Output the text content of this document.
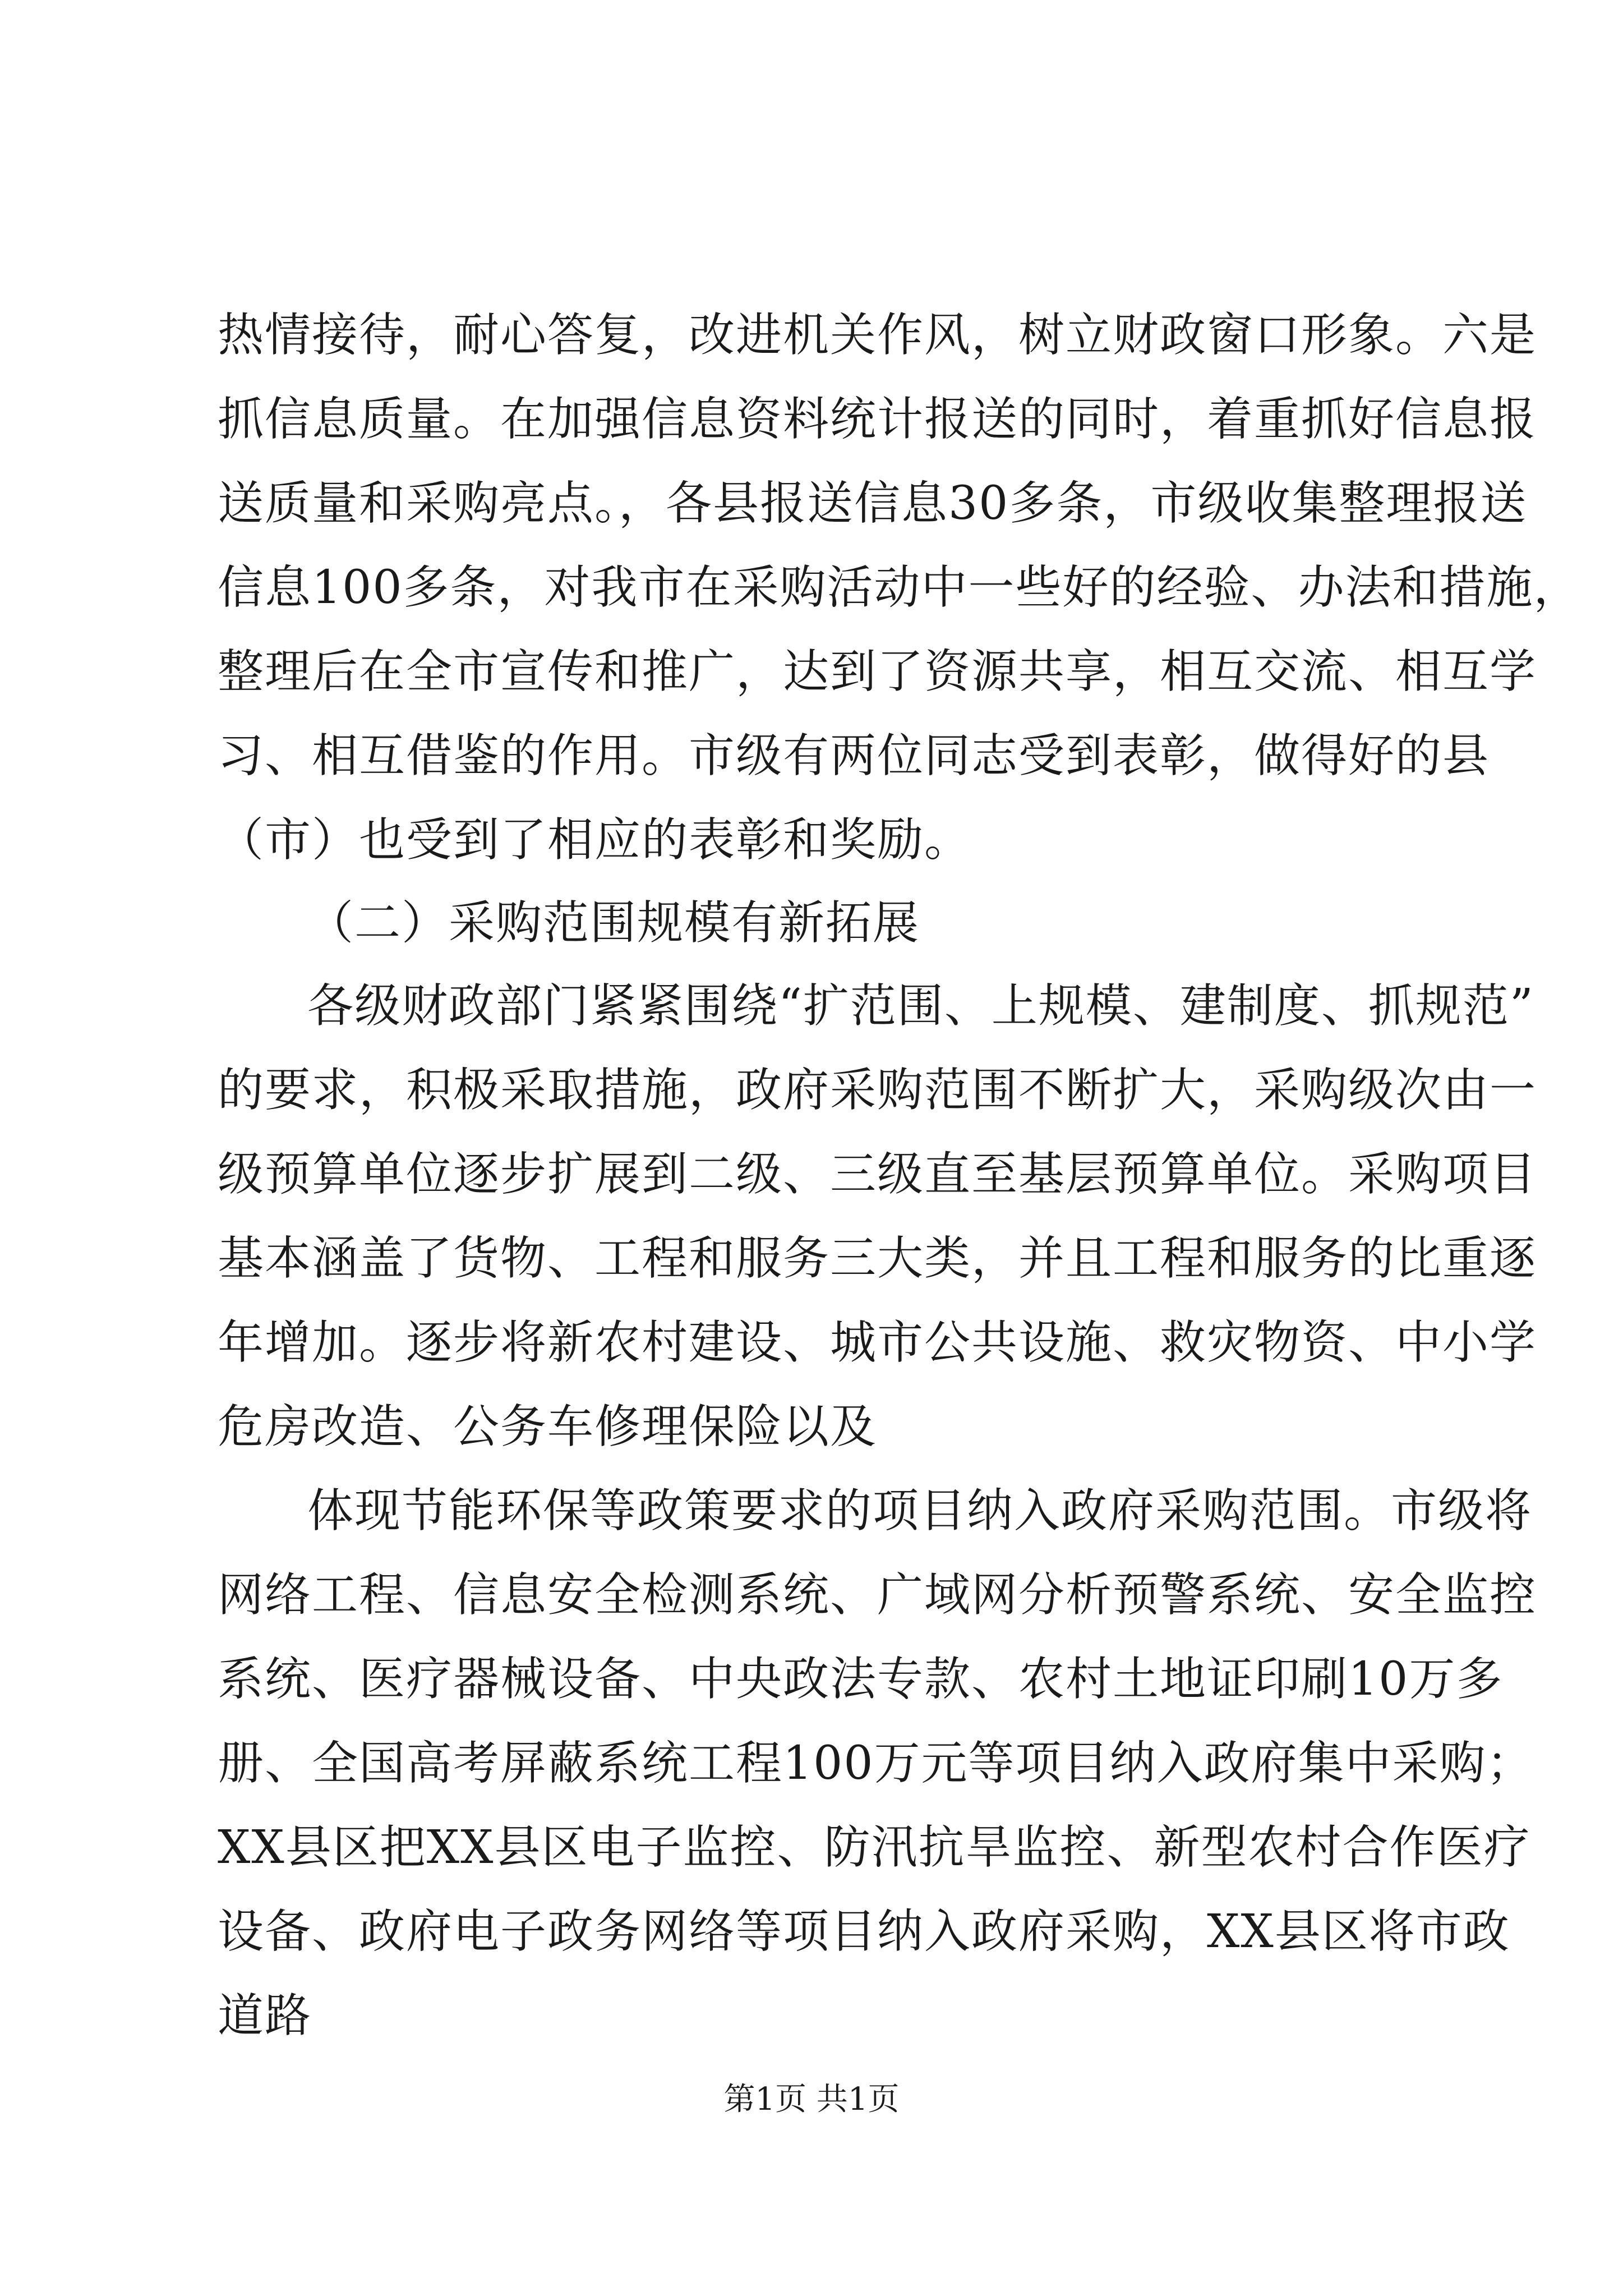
热情接待，耐心答复，改进机关作风，树立财政窗口形象。六是
抓信息质量。在加强信息资料统计报送的同时，着重抓好信息报
送质量和采购亮点。，各县报送信息30多条，市级收集整理报送
信息100多条，对我市在采购活动中一些好的经验、办法和措施，
整理后在全市宣传和推广，达到了资源共享，相互交流、相互学
习、相互借鉴的作用。市级有两位同志受到表彰，做得好的县
（市）也受到了相应的表彰和奖励。
（二）采购范围规模有新拓展
各级财政部门紧紧围绕“扩范围、上规模、建制度、抓规范”
的要求，积极采取措施，政府采购范围不断扩大，采购级次由一
级预算单位逐步扩展到二级、三级直至基层预算单位。采购项目
基本涵盖了货物、工程和服务三大类，并且工程和服务的比重逐
年增加。逐步将新农村建设、城市公共设施、救灾物资、中小学
危房改造、公务车修理保险以及
体现节能环保等政策要求的项目纳入政府采购范围。市级将
网络工程、信息安全检测系统、广域网分析预警系统、安全监控
系统、医疗器械设备、中央政法专款、农村土地证印刷10万多
册、全国高考屏蔽系统工程100万元等项目纳入政府集中采购；
XX县区把XX县区电子监控、防汛抗旱监控、新型农村合作医疗
设备、政府电子政务网络等项目纳入政府采购，XX县区将市政
道路
第1页 共1页
